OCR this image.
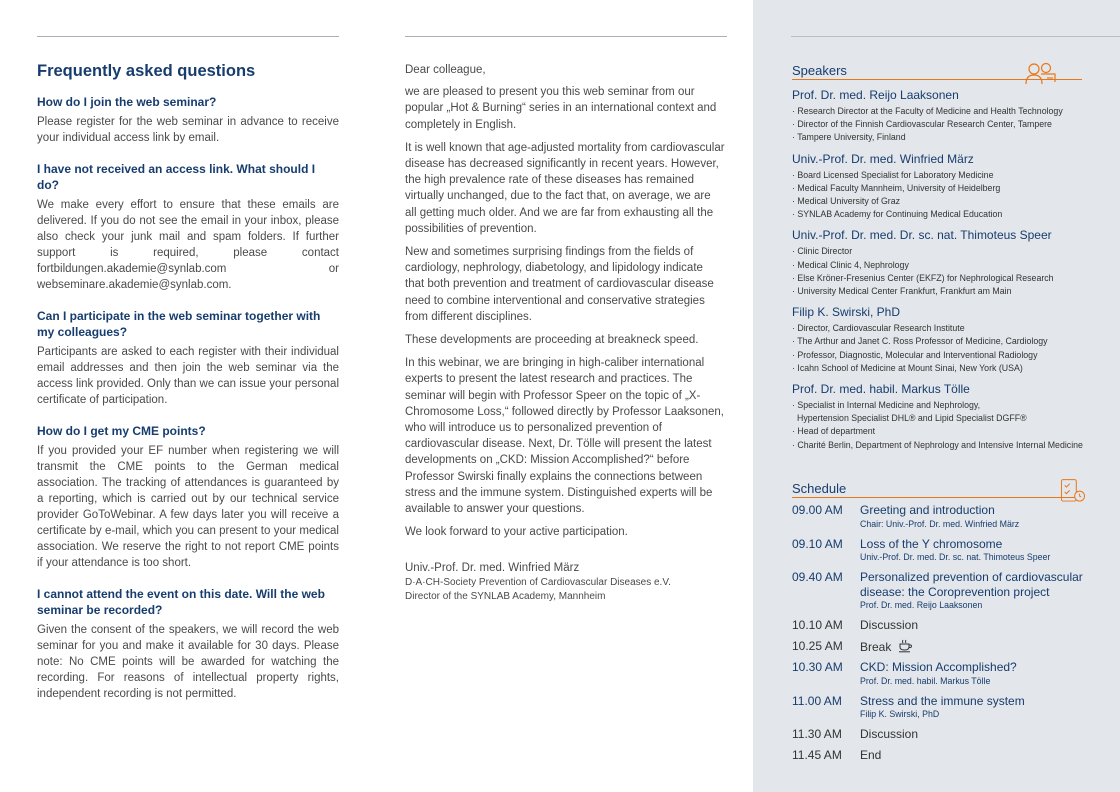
Frequently asked questions
How do I join the web seminar?
Please register for the web seminar in advance to receive your individual access link by email.
I have not received an access link. What should I do?
We make every effort to ensure that these emails are delivered. If you do not see the email in your inbox, please also check your junk mail and spam folders. If further support is required, please contact fortbildungen.akademie@synlab.com or webseminare.akademie@synlab.com.
Can I participate in the web seminar together with my colleagues?
Participants are asked to each register with their individual email addresses and then join the web seminar via the access link provided. Only than we can issue your personal certificate of participation.
How do I get my CME points?
If you provided your EF number when registering we will transmit the CME points to the German medical association. The tracking of attendances is guaranteed by a reporting, which is carried out by our technical service provider GoToWebinar. A few days later you will receive a certificate by e-mail, which you can present to your medical association. We reserve the right to not report CME points if your attendance is too short.
I cannot attend the event on this date. Will the web seminar be recorded?
Given the consent of the speakers, we will record the web seminar for you and make it available for 30 days. Please note: No CME points will be awarded for watching the recording. For reasons of intellectual property rights, independent recording is not permitted.
Dear colleague,
we are pleased to present you this web seminar from our popular „Hot & Burning“ series in an international context and completely in English.
It is well known that age-adjusted mortality from cardiovascular disease has decreased significantly in recent years. However, the high prevalence rate of these diseases has remained virtually unchanged, due to the fact that, on average, we are all getting much older. And we are far from exhausting all the possibilities of prevention.
New and sometimes surprising findings from the fields of cardiology, nephrology, diabetology, and lipidology indicate that both prevention and treatment of cardiovascular disease need to combine interventional and conservative strategies from different disciplines.
These developments are proceeding at breakneck speed.
In this webinar, we are bringing in high-caliber international experts to present the latest research and practices. The seminar will begin with Professor Speer on the topic of „X-Chromosome Loss,“ followed directly by Professor Laaksonen, who will introduce us to personalized prevention of cardiovascular disease. Next, Dr. Tölle will present the latest developments on „CKD: Mission Accomplished?“ before Professor Swirski finally explains the connections between stress and the immune system. Distinguished experts will be available to answer your questions.
We look forward to your active participation.
Univ.-Prof. Dr. med. Winfried März
D·A·CH-Society Prevention of Cardiovascular Diseases e.V.
Director of the SYNLAB Academy, Mannheim
Speakers
Prof. Dr. med. Reijo Laaksonen
· Research Director at the Faculty of Medicine and Health Technology
· Director of the Finnish Cardiovascular Research Center, Tampere
· Tampere University, Finland
Univ.-Prof. Dr. med. Winfried März
· Board Licensed Specialist for Laboratory Medicine
· Medical Faculty Mannheim, University of Heidelberg
· Medical University of Graz
· SYNLAB Academy for Continuing Medical Education
Univ.-Prof. Dr. med. Dr. sc. nat. Thimoteus Speer
· Clinic Director
· Medical Clinic 4, Nephrology
· Else Kröner-Fresenius Center (EKFZ) for Nephrological Research
· University Medical Center Frankfurt, Frankfurt am Main
Filip K. Swirski, PhD
· Director, Cardiovascular Research Institute
· The Arthur and Janet C. Ross Professor of Medicine, Cardiology
· Professor, Diagnostic, Molecular and Interventional Radiology
· Icahn School of Medicine at Mount Sinai, New York (USA)
Prof. Dr. med. habil. Markus Tölle
· Specialist in Internal Medicine and Nephrology,
Hypertension Specialist DHL® and Lipid Specialist DGFF®
· Head of department
· Charité Berlin, Department of Nephrology and Intensive Internal Medicine
Schedule
09.00 AM	Greeting and introduction
Chair: Univ.-Prof. Dr. med. Winfried März
09.10 AM	Loss of the Y chromosome
Univ.-Prof. Dr. med. Dr. sc. nat. Thimoteus Speer
09.40 AM	Personalized prevention of cardiovascular disease: the Coroprevention project
Prof. Dr. med. Reijo Laaksonen
10.10 AM	Discussion
10.25 AM	Break
10.30 AM	CKD: Mission Accomplished?
Prof. Dr. med. habil. Markus Tölle
11.00 AM	Stress and the immune system
Filip K. Swirski, PhD
11.30 AM	Discussion
11.45 AM	End
